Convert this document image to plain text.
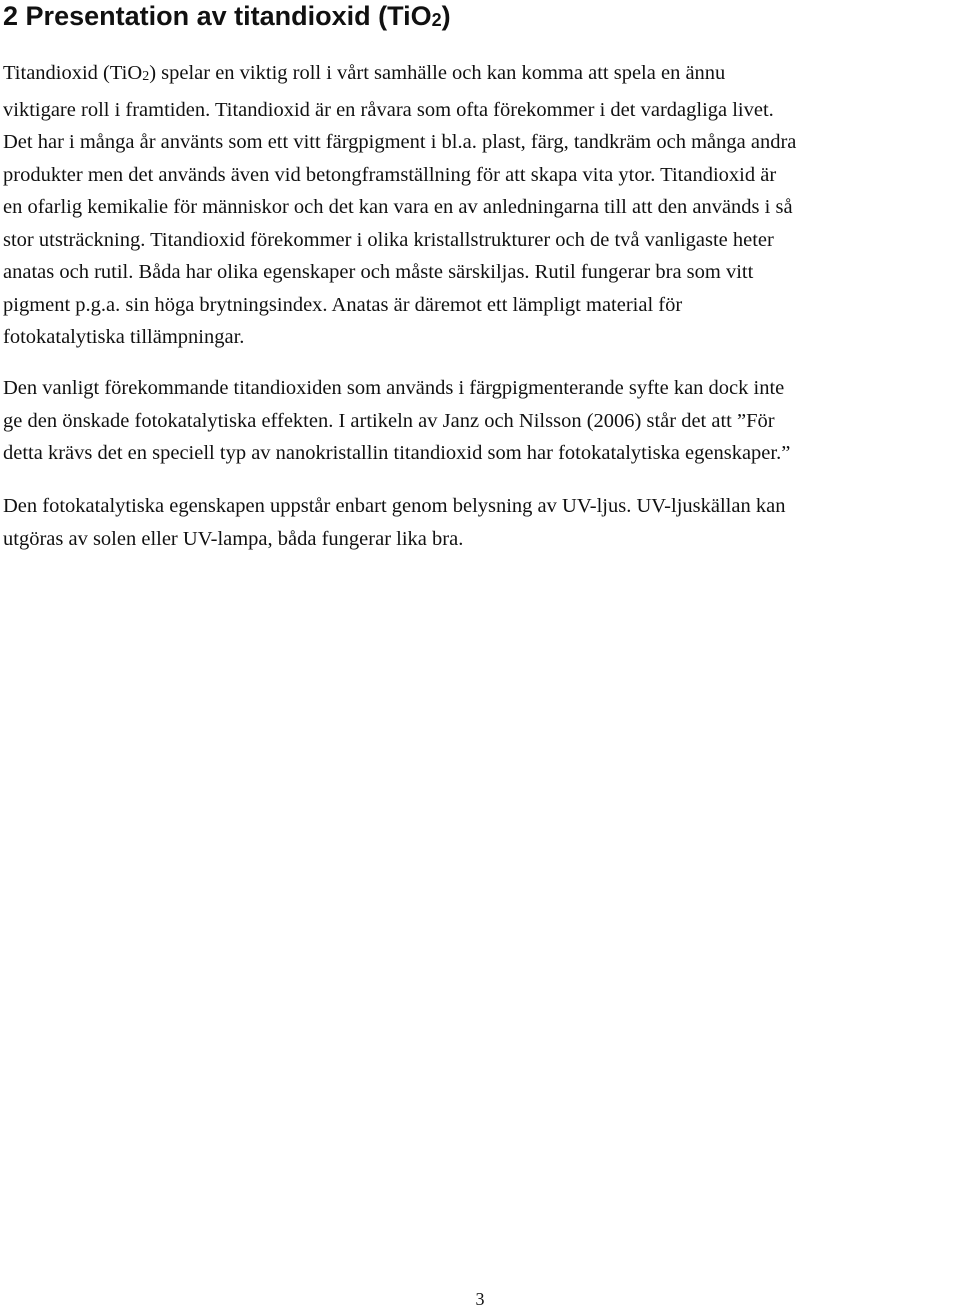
2 Presentation av titandioxid (TiO2)

Titandioxid (TiO2) spelar en viktig roll i vårt samhälle och kan komma att spela en ännu
viktigare roll i framtiden. Titandioxid är en råvara som ofta förekommer i det vardagliga livet.
Det har i många år använts som ett vitt färgpigment i bl.a. plast, färg, tandkräm och många andra
produkter men det används även vid betongframställning för att skapa vita ytor. Titandioxid är
en ofarlig kemikalie för människor och det kan vara en av anledningarna till att den används i så
stor utsträckning. Titandioxid förekommer i olika kristallstrukturer och de två vanligaste heter
anatas och rutil. Båda har olika egenskaper och måste särskiljas. Rutil fungerar bra som vitt
pigment p.g.a. sin höga brytningsindex. Anatas är däremot ett lämpligt material för
fotokatalytiska tillämpningar.

Den vanligt förekommande titandioxiden som används i färgpigmenterande syfte kan dock inte
ge den önskade fotokatalytiska effekten. I artikeln av Janz och Nilsson (2006) står det att ”För
detta krävs det en speciell typ av nanokristallin titandioxid som har fotokatalytiska egenskaper.”

Den fotokatalytiska egenskapen uppstår enbart genom belysning av UV-ljus. UV-ljuskällan kan
utgöras av solen eller UV-lampa, båda fungerar lika bra.

3
